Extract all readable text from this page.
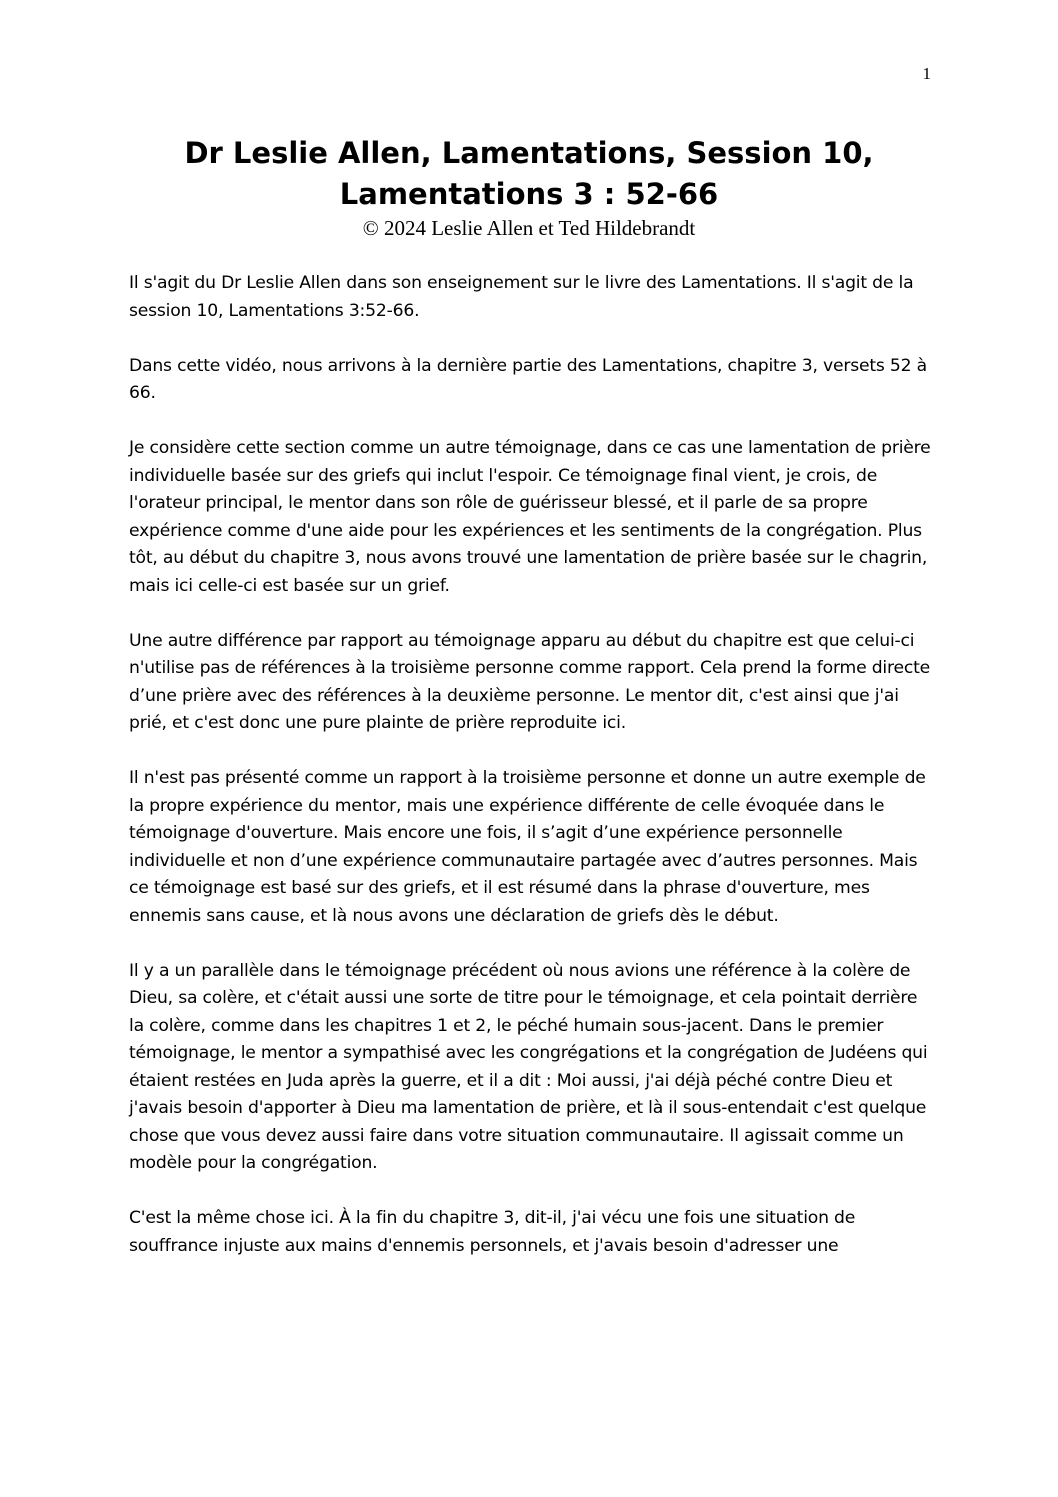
1
Dr Leslie Allen, Lamentations, Session 10,
Lamentations 3 : 52-66

© 2024 Leslie Allen et Ted Hildebrandt

Il s'agit du Dr Leslie Allen dans son enseignement sur le livre des Lamentations. Il s'agit de la session 10, Lamentations 3:52-66.

Dans cette vidéo, nous arrivons à la dernière partie des Lamentations, chapitre 3, versets 52 à 66.

Je considère cette section comme un autre témoignage, dans ce cas une lamentation de prière individuelle basée sur des griefs qui inclut l'espoir. Ce témoignage final vient, je crois, de l'orateur principal, le mentor dans son rôle de guérisseur blessé, et il parle de sa propre expérience comme d'une aide pour les expériences et les sentiments de la congrégation. Plus tôt, au début du chapitre 3, nous avons trouvé une lamentation de prière basée sur le chagrin, mais ici celle-ci est basée sur un grief.

Une autre différence par rapport au témoignage apparu au début du chapitre est que celui-ci n'utilise pas de références à la troisième personne comme rapport. Cela prend la forme directe d’une prière avec des références à la deuxième personne. Le mentor dit, c'est ainsi que j'ai prié, et c'est donc une pure plainte de prière reproduite ici.

Il n'est pas présenté comme un rapport à la troisième personne et donne un autre exemple de la propre expérience du mentor, mais une expérience différente de celle évoquée dans le témoignage d'ouverture. Mais encore une fois, il s’agit d’une expérience personnelle individuelle et non d’une expérience communautaire partagée avec d’autres personnes. Mais ce témoignage est basé sur des griefs, et il est résumé dans la phrase d'ouverture, mes ennemis sans cause, et là nous avons une déclaration de griefs dès le début.

Il y a un parallèle dans le témoignage précédent où nous avions une référence à la colère de Dieu, sa colère, et c'était aussi une sorte de titre pour le témoignage, et cela pointait derrière la colère, comme dans les chapitres 1 et 2, le péché humain sous-jacent. Dans le premier témoignage, le mentor a sympathisé avec les congrégations et la congrégation de Judéens qui étaient restées en Juda après la guerre, et il a dit : Moi aussi, j'ai déjà péché contre Dieu et j'avais besoin d'apporter à Dieu ma lamentation de prière, et là il sous-entendait c'est quelque chose que vous devez aussi faire dans votre situation communautaire. Il agissait comme un modèle pour la congrégation.

C'est la même chose ici. À la fin du chapitre 3, dit-il, j'ai vécu une fois une situation de souffrance injuste aux mains d'ennemis personnels, et j'avais besoin d'adresser une
